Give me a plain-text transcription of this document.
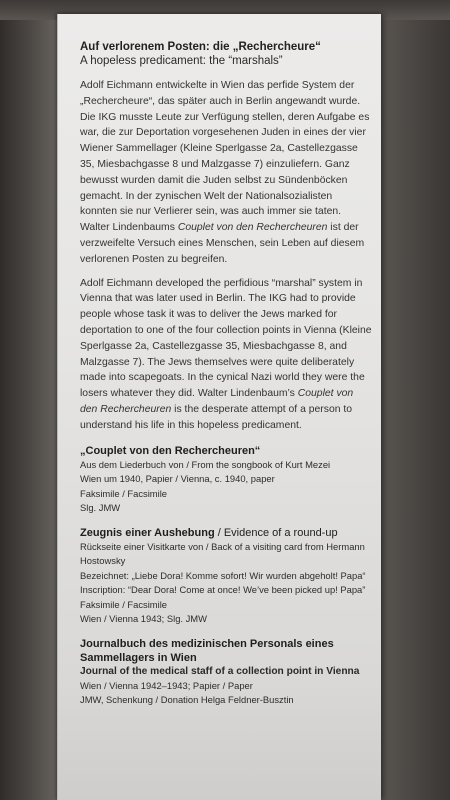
Auf verlorenem Posten: die „Rechercheure“
A hopeless predicament: the “marshals”

Adolf Eichmann entwickelte in Wien das perfide System der „Rechercheure“, das später auch in Berlin angewandt wurde. Die IKG musste Leute zur Verfügung stellen, deren Aufgabe es war, die zur Deportation vorgesehenen Juden in eines der vier Wiener Sammellager (Kleine Sperlgasse 2a, Castellezgasse 35, Miesbachgasse 8 und Malzgasse 7) einzuliefern. Ganz bewusst wurden damit die Juden selbst zu Sündenböcken gemacht. In der zynischen Welt der Nationalsozialisten konnten sie nur Verlierer sein, was auch immer sie taten. Walter Lindenbaums Couplet von den Rechercheuren ist der verzweifelte Versuch eines Menschen, sein Leben auf diesem verlorenen Posten zu begreifen.

Adolf Eichmann developed the perfidious “marshal” system in Vienna that was later used in Berlin. The IKG had to provide people whose task it was to deliver the Jews marked for deportation to one of the four collection points in Vienna (Kleine Sperlgasse 2a, Castellezgasse 35, Miesbachgasse 8, and Malzgasse 7). The Jews themselves were quite deliberately made into scapegoats. In the cynical Nazi world they were the losers whatever they did. Walter Lindenbaum’s Couplet von den Rechercheuren is the desperate attempt of a person to understand his life in this hopeless predicament.

„Couplet von den Rechercheuren“
Aus dem Liederbuch von / From the songbook of Kurt Mezei
Wien um 1940, Papier / Vienna, c. 1940, paper
Faksimile / Facsimile
Slg. JMW
Zeugnis einer Aushebung / Evidence of a round-up
Rückseite einer Visitkarte von / Back of a visiting card from Hermann Hostowsky
Bezeichnet: „Liebe Dora! Komme sofort! Wir wurden abgeholt! Papa“
Inscription: “Dear Dora! Come at once! We’ve been picked up! Papa”
Faksimile / Facsimile
Wien / Vienna 1943; Slg. JMW
Journalbuch des medizinischen Personals eines Sammellagers in Wien
Journal of the medical staff of a collection point in Vienna
Wien / Vienna 1942–1943; Papier / Paper
JMW, Schenkung / Donation Helga Feldner-Busztin
